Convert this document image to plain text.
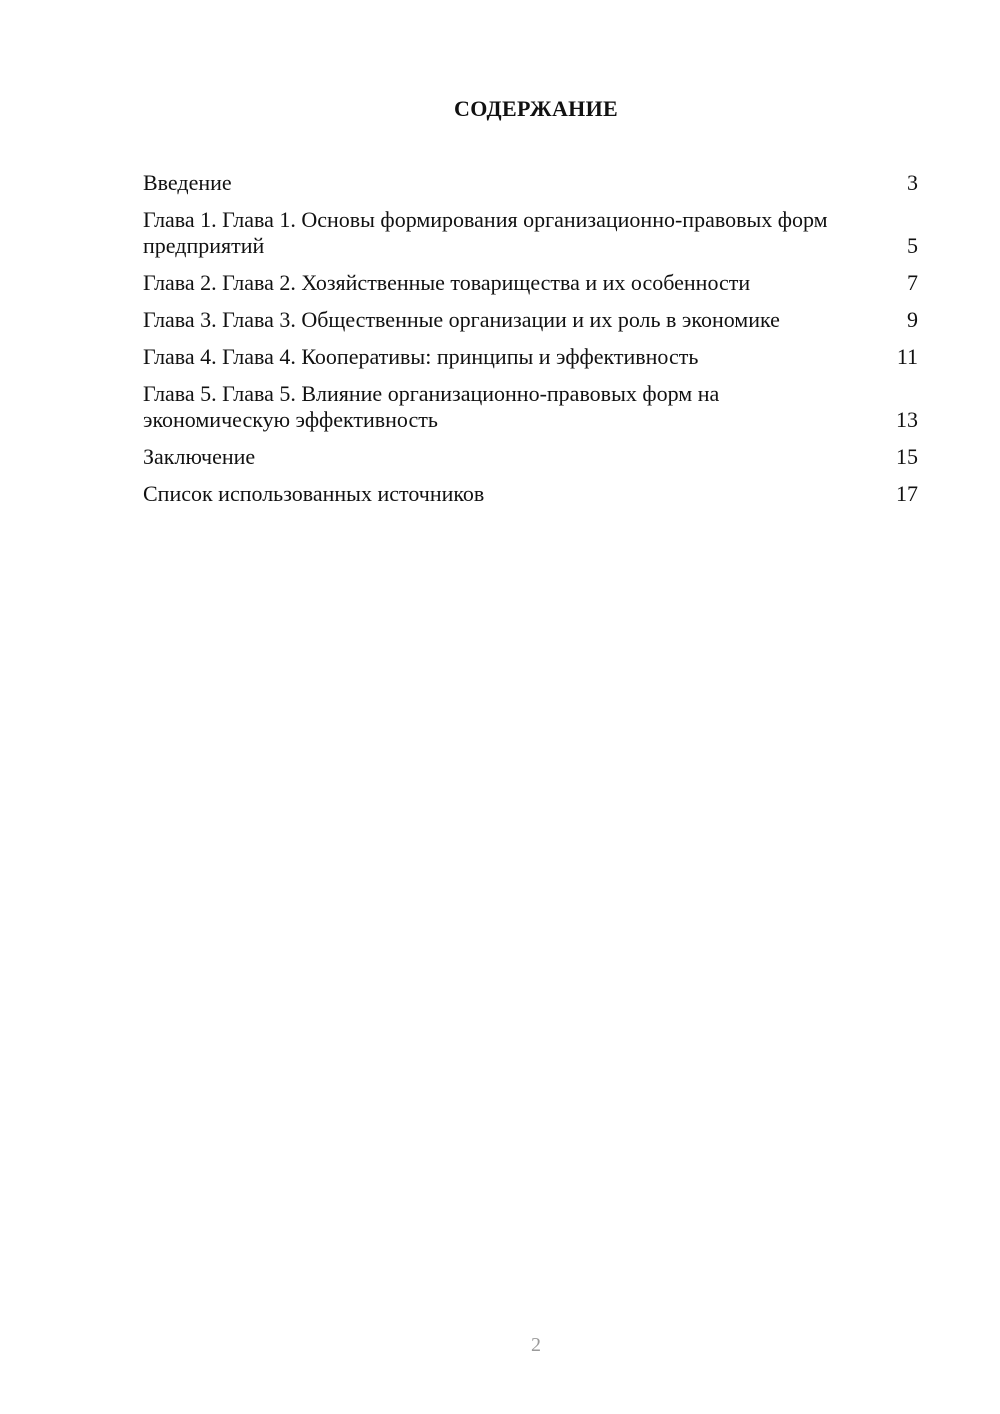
СОДЕРЖАНИЕ
Введение	3
Глава 1. Глава 1. Основы формирования организационно-правовых форм предприятий	5
Глава 2. Глава 2. Хозяйственные товарищества и их особенности	7
Глава 3. Глава 3. Общественные организации и их роль в экономике	9
Глава 4. Глава 4. Кооперативы: принципы и эффективность	11
Глава 5. Глава 5. Влияние организационно-правовых форм на экономическую эффективность	13
Заключение	15
Список использованных источников	17
2
